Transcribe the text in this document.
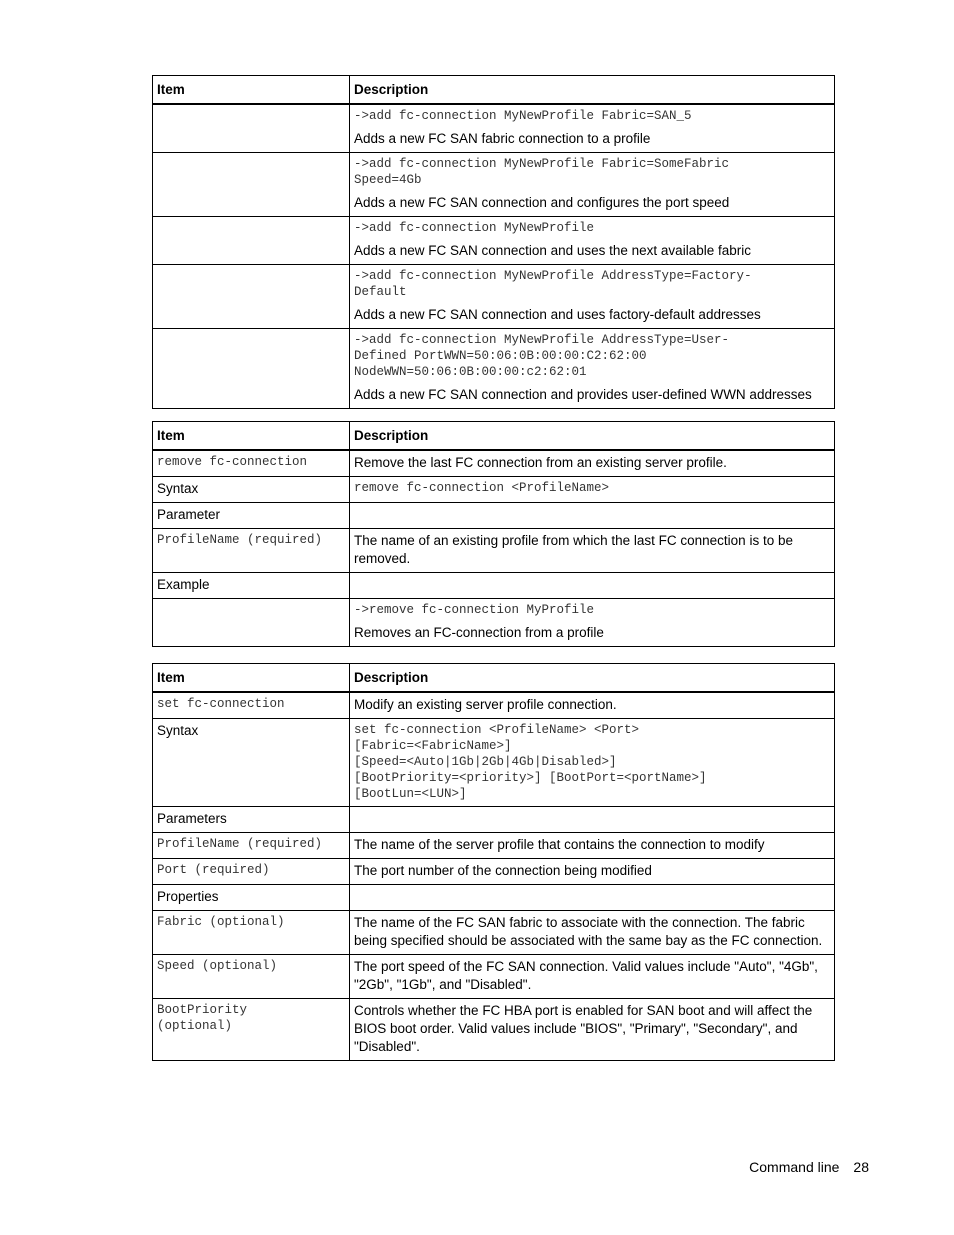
Item	Description

	->add fc-connection MyNewProfile Fabric=SAN_5
Adds a new FC SAN fabric connection to a profile

	->add fc-connection MyNewProfile Fabric=SomeFabric
Speed=4Gb
Adds a new FC SAN connection and configures the port speed

	->add fc-connection MyNewProfile
Adds a new FC SAN connection and uses the next available fabric

	->add fc-connection MyNewProfile AddressType=Factory-
Default
Adds a new FC SAN connection and uses factory-default addresses

	->add fc-connection MyNewProfile AddressType=User-
Defined PortWWN=50:06:0B:00:00:C2:62:00
NodeWWN=50:06:0B:00:00:c2:62:01
Adds a new FC SAN connection and provides user-defined WWN addresses
Item	Description

remove fc-connection	Remove the last FC connection from an existing server profile.
Syntax	remove fc-connection <ProfileName>

Parameter	

ProfileName (required)	The name of an existing profile from which the last FC connection is to be removed.
Example	

	->remove fc-connection MyProfile
Removes an FC-connection from a profile
Item	Description

set fc-connection	Modify an existing server profile connection.
Syntax	set fc-connection <ProfileName> <Port>
[Fabric=<FabricName>]
[Speed=<Auto|1Gb|2Gb|4Gb|Disabled>]
[BootPriority=<priority>] [BootPort=<portName>]
[BootLun=<LUN>]

Parameters	

ProfileName (required)	The name of the server profile that contains the connection to modify

Port (required)	The port number of the connection being modified
Properties	

Fabric (optional)	The name of the FC SAN fabric to associate with the connection. The fabric being specified should be associated with the same bay as the FC connection.

Speed (optional)	The port speed of the FC SAN connection. Valid values include "Auto", "4Gb", "2Gb", "1Gb", and "Disabled".

BootPriority
(optional)	Controls whether the FC HBA port is enabled for SAN boot and will affect the BIOS boot order. Valid values include "BIOS", "Primary", "Secondary", and "Disabled".
Command line 28
